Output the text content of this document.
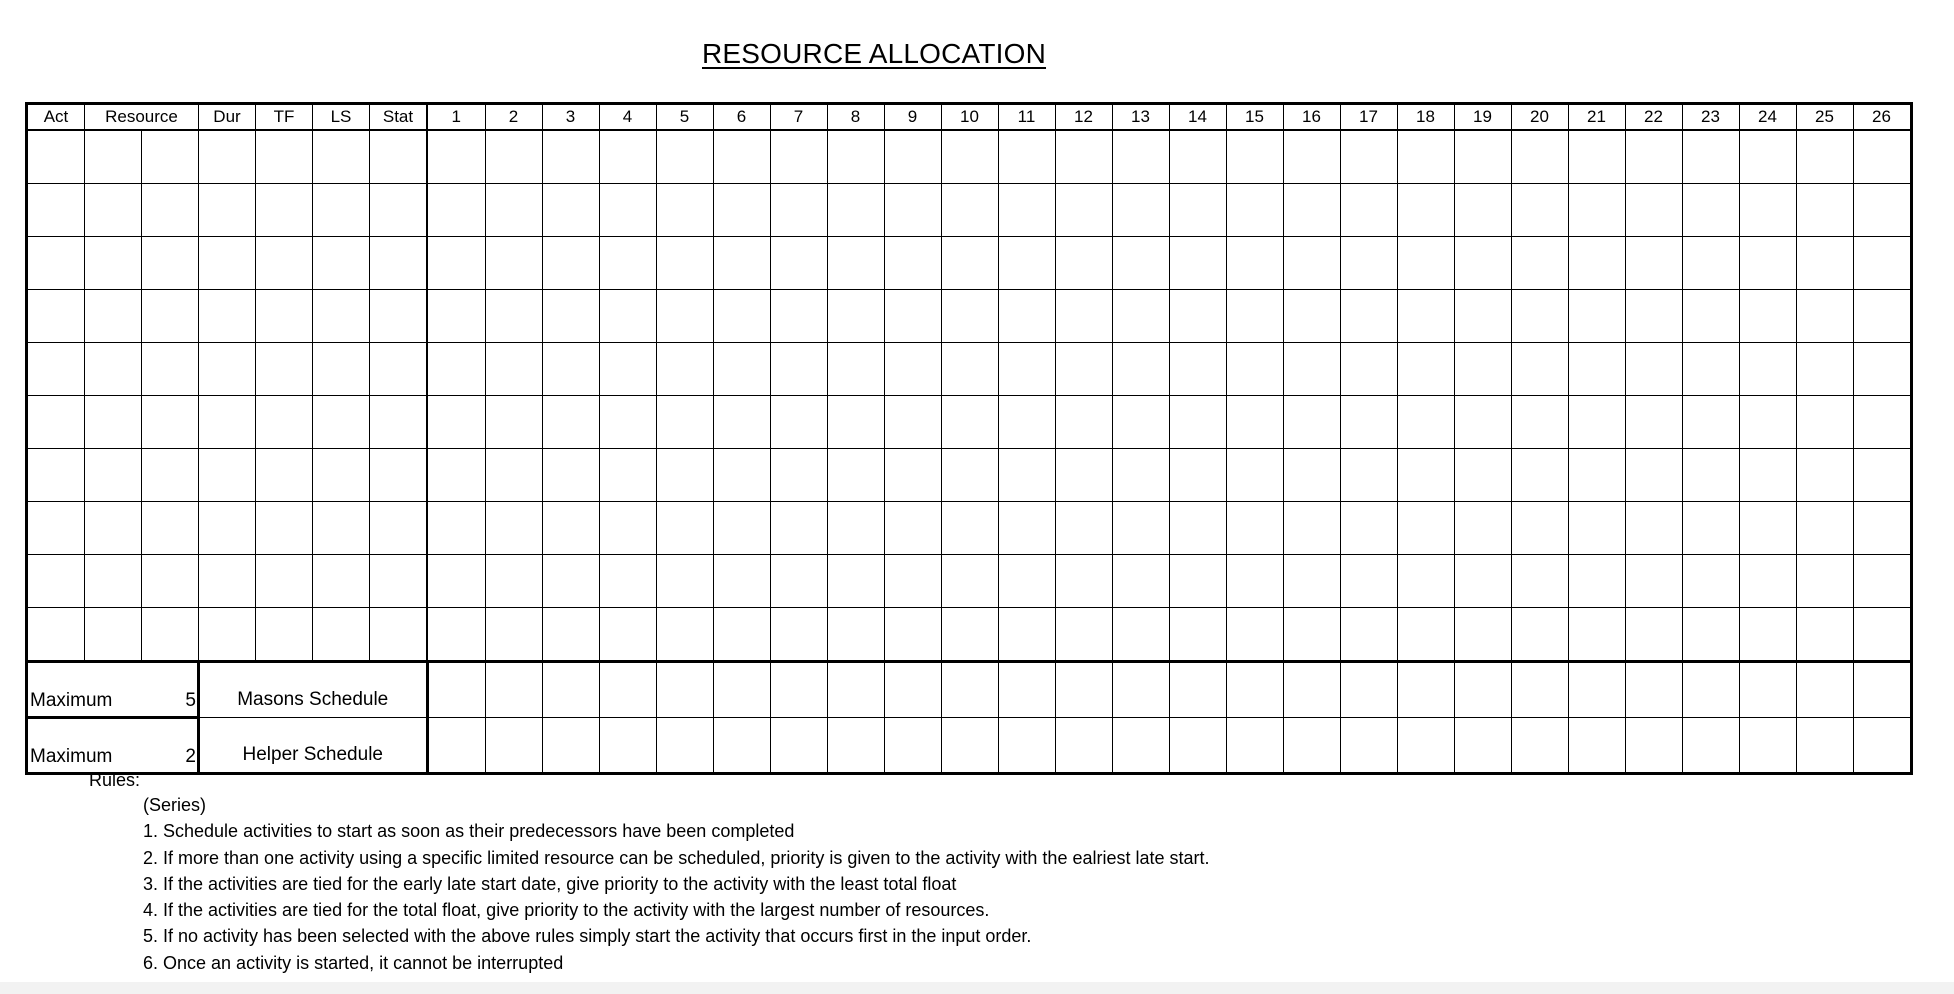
RESOURCE ALLOCATION
Act	Resource		Dur	TF	LS	Stat	1	2	3	4	5	6	7	8	9	10	11	12	13	14	15	16	17	18	19	20	21	22	23	24	25	26

Maximum 5			Masons Schedule																													

Maximum 2			Helper Schedule																													

Rules:
(Series)
1. Schedule activities to start as soon as their predecessors have been completed
2. If more than one activity using a specific limited resource can be scheduled, priority is given to the activity with the ealriest late start.
3. If the activities are tied for the early late start date, give priority to the activity with the least total float
4. If the activities are tied for the total float, give priority to the activity with the largest number of resources.
5. If no activity has been selected with the above rules simply start the activity that occurs first in the input order.
6. Once an activity is started, it cannot be interrupted
